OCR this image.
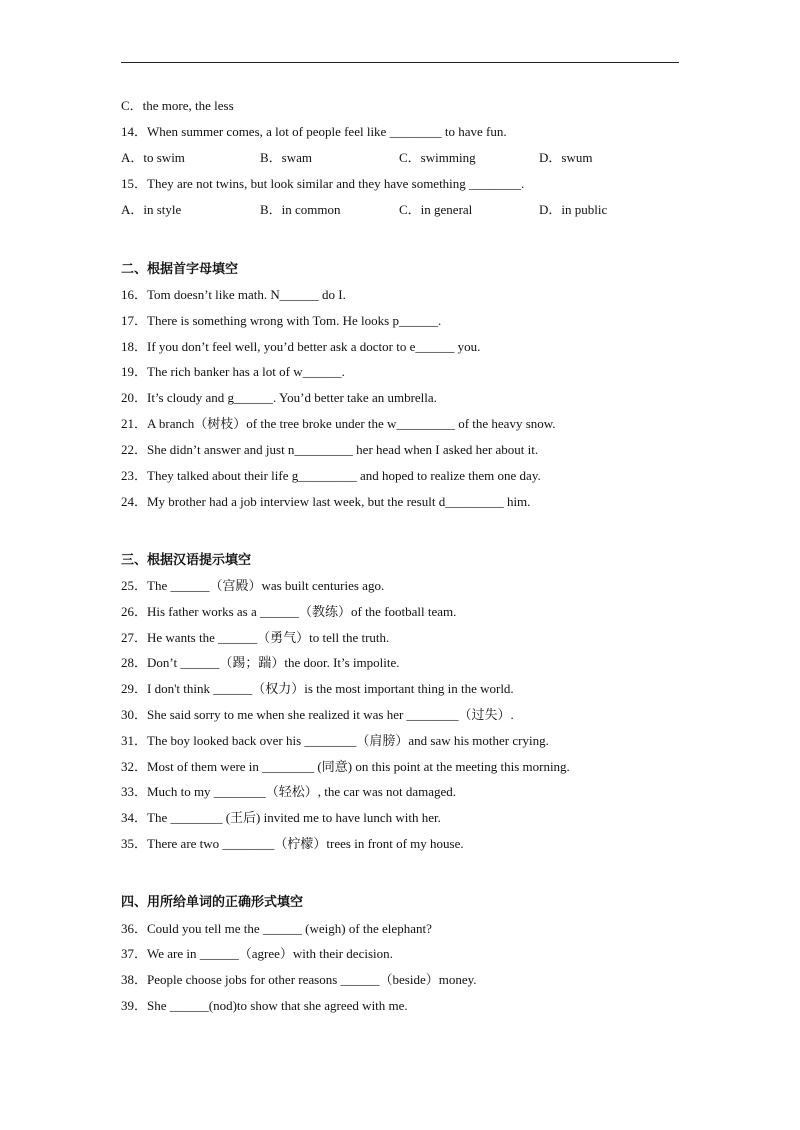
C．the more, the less
14．When summer comes, a lot of people feel like ________ to have fun.
A．to swim	B．swam	C．swimming	D．swum
15．They are not twins, but look similar and they have something ________.
A．in style	B．in common	C．in general	D．in public
二、根据首字母填空
16．Tom doesn’t like math. N______ do I.
17．There is something wrong with Tom. He looks p______.
18．If you don’t feel well, you’d better ask a doctor to e______ you.
19．The rich banker has a lot of w______.
20．It’s cloudy and g______. You’d better take an umbrella.
21．A branch（树枝）of the tree broke under the w_________ of the heavy snow.
22．She didn’t answer and just n_________ her head when I asked her about it.
23．They talked about their life g_________ and hoped to realize them one day.
24．My brother had a job interview last week, but the result d_________ him.
三、根据汉语提示填空
25．The ______（宫殿）was built centuries ago.
26．His father works as a ______（教练）of the football team.
27．He wants the ______（勇气）to tell the truth.
28．Don’t ______（踢；踹）the door. It’s impolite.
29．I don't think ______（权力）is the most important thing in the world.
30．She said sorry to me when she realized it was her ________（过失）.
31．The boy looked back over his ________（肩膀）and saw his mother crying.
32．Most of them were in ________ (同意) on this point at the meeting this morning.
33．Much to my ________（轻松）, the car was not damaged.
34．The ________ (王后) invited me to have lunch with her.
35．There are two ________（柠檬）trees in front of my house.
四、用所给单词的正确形式填空
36．Could you tell me the ______ (weigh) of the elephant?
37．We are in ______（agree）with their decision.
38．People choose jobs for other reasons ______（beside）money.
39．She ______(nod)to show that she agreed with me.
